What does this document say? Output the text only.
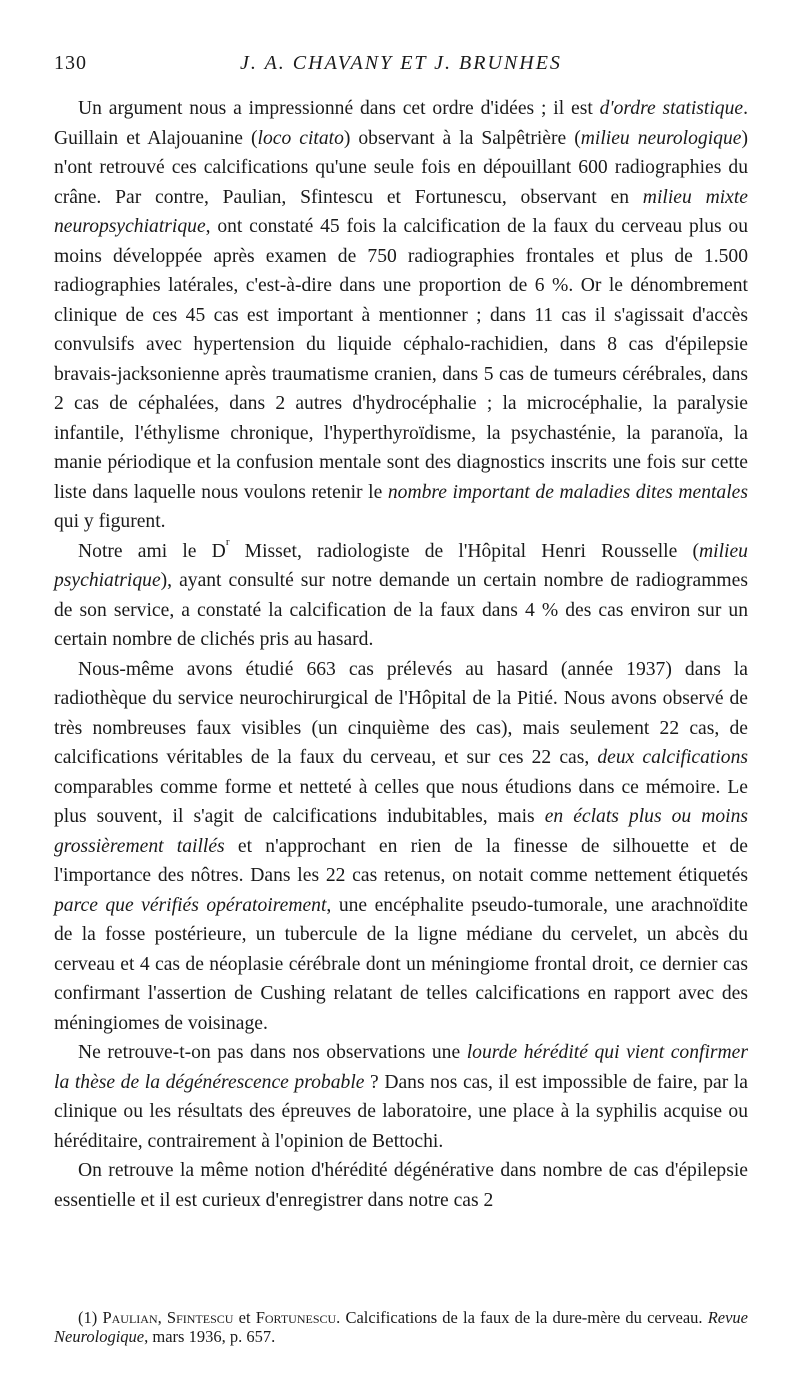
130	J. A. CHAVANY ET J. BRUNHES

Un argument nous a impressionné dans cet ordre d'idées ; il est d'ordre statistique. Guillain et Alajouanine (loco citato) observant à la Salpêtrière (milieu neurologique) n'ont retrouvé ces calcifications qu'une seule fois en dépouillant 600 radiographies du crâne. Par contre, Paulian, Sfintescu et Fortunescu, observant en milieu mixte neuropsychiatrique, ont constaté 45 fois la calcification de la faux du cerveau plus ou moins développée après examen de 750 radiographies frontales et plus de 1.500 radiographies latérales, c'est-à-dire dans une proportion de 6 %. Or le dénombrement clinique de ces 45 cas est important à mentionner ; dans 11 cas il s'agissait d'accès convulsifs avec hypertension du liquide céphalo-rachidien, dans 8 cas d'épilepsie bravais-jacksonienne après traumatisme cranien, dans 5 cas de tumeurs cérébrales, dans 2 cas de céphalées, dans 2 autres d'hydrocéphalie ; la microcéphalie, la paralysie infantile, l'éthylisme chronique, l'hyperthyroïdisme, la psychasténie, la paranoïa, la manie périodique et la confusion mentale sont des diagnostics inscrits une fois sur cette liste dans laquelle nous voulons retenir le nombre important de maladies dites mentales qui y figurent.

Notre ami le $D^r$ Misset, radiologiste de l'Hôpital Henri Rousselle (milieu psychiatrique), ayant consulté sur notre demande un certain nombre de radiogrammes de son service, a constaté la calcification de la faux dans 4 % des cas environ sur un certain nombre de clichés pris au hasard.

Nous-même avons étudié 663 cas prélevés au hasard (année 1937) dans la radiothèque du service neurochirurgical de l'Hôpital de la Pitié. Nous avons observé de très nombreuses faux visibles (un cinquième des cas), mais seulement 22 cas, de calcifications véritables de la faux du cerveau, et sur ces 22 cas, deux calcifications comparables comme forme et netteté à celles que nous étudions dans ce mémoire. Le plus souvent, il s'agit de calcifications indubitables, mais en éclats plus ou moins grossièrement taillés et n'approchant en rien de la finesse de silhouette et de l'importance des nôtres. Dans les 22 cas retenus, on notait comme nettement étiquetés parce que vérifiés opératoirement, une encéphalite pseudo-tumorale, une arachnoïdite de la fosse postérieure, un tubercule de la ligne médiane du cervelet, un abcès du cerveau et 4 cas de néoplasie cérébrale dont un méningiome frontal droit, ce dernier cas confirmant l'assertion de Cushing relatant de telles calcifications en rapport avec des méningiomes de voisinage.

Ne retrouve-t-on pas dans nos observations une lourde hérédité qui vient confirmer la thèse de la dégénérescence probable ? Dans nos cas, il est impossible de faire, par la clinique ou les résultats des épreuves de laboratoire, une place à la syphilis acquise ou héréditaire, contrairement à l'opinion de Bettochi.

On retrouve la même notion d'hérédité dégénérative dans nombre de cas d'épilepsie essentielle et il est curieux d'enregistrer dans notre cas 2

(1) Paulian, Sfintescu et Fortunescu. Calcifications de la faux de la dure-mère du cerveau. Revue Neurologique, mars 1936, p. 657.
